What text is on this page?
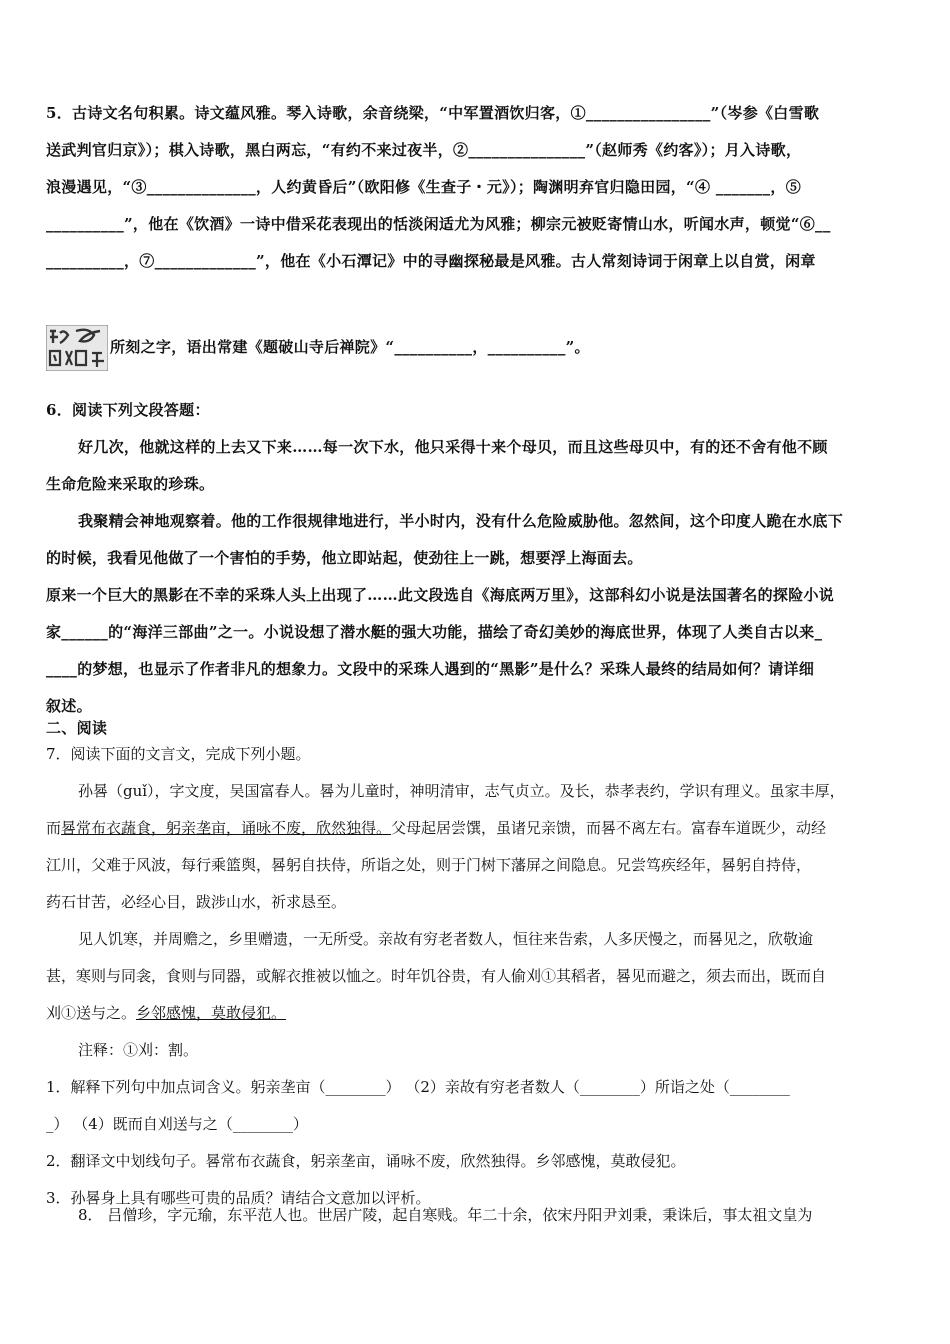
5．古诗文名句积累。诗文蕴风雅。琴入诗歌，余音绕梁，“中军置酒饮归客，①________________”（岑参《白雪歌
送武判官归京》）；棋入诗歌，黑白两忘，“有约不来过夜半，②_______________”（赵师秀《约客》）；月入诗歌，
浪漫遇见，“③______________，人约黄昏后”（欧阳修《生查子・元》）；陶渊明弃官归隐田园，“④ _______，⑤
__________”，他在《饮酒》一诗中借采花表现出的恬淡闲适尤为风雅；柳宗元被贬寄情山水，听闻水声，顿觉“⑥__
__________，⑦_____________”，他在《小石潭记》中的寻幽探秘最是风雅。古人常刻诗词于闲章上以自赏，闲章
所刻之字，语出常建《题破山寺后禅院》“__________，__________”。
6．阅读下列文段答题：
好几次，他就这样的上去又下来……每一次下水，他只采得十来个母贝，而且这些母贝中，有的还不舍有他不顾
生命危险来采取的珍珠。
我聚精会神地观察着。他的工作很规律地进行，半小时内，没有什么危险威胁他。忽然间，这个印度人跪在水底下
的时候，我看见他做了一个害怕的手势，他立即站起，使劲往上一跳，想要浮上海面去。
原来一个巨大的黑影在不幸的采珠人头上出现了……此文段选自《海底两万里》，这部科幻小说是法国著名的探险小说
家______的“海洋三部曲”之一。小说设想了潜水艇的强大功能，描绘了奇幻美妙的海底世界，体现了人类自古以来_
____的梦想，也显示了作者非凡的想象力。文段中的采珠人遇到的“黑影”是什么？采珠人最终的结局如何？请详细
叙述。
二、阅读
7．阅读下面的文言文，完成下列小题。
孙晷（guǐ），字文度，吴国富春人。晷为儿童时，神明清审，志气贞立。及长，恭孝表约，学识有理义。虽家丰厚，
而晷常布衣蔬食，躬亲垄亩，诵咏不废，欣然独得。父母起居尝馔，虽诸兄亲馈，而晷不离左右。富春车道既少，动经
江川，父难于风波，每行乘篮舆，晷躬自扶侍，所诣之处，则于门树下藩屏之间隐息。兄尝笃疾经年，晷躬自持侍，
药石甘苦，必经心目，跋涉山水，祈求恳至。
见人饥寒，并周赡之，乡里赠遗，一无所受。亲故有穷老者数人，恒往来告索，人多厌慢之，而晷见之，欣敬逾
甚，寒则与同衾，食则与同器，或解衣推被以恤之。时年饥谷贵，有人偷刈①其稻者，晷见而避之，须去而出，既而自
刈①送与之。乡邻感愧，莫敢侵犯。
注释：①刈：割。
1．解释下列句中加点词含义。躬亲垄亩（________） （2）亲故有穷老者数人（________）所诣之处（________
_） （4）既而自刈送与之（________）
2．翻译文中划线句子。晷常布衣蔬食，躬亲垄亩，诵咏不废，欣然独得。乡邻感愧，莫敢侵犯。
3．孙晷身上具有哪些可贵的品质？请结合文意加以评析。
8． 吕僧珍，字元瑜，东平范人也。世居广陵，起自寒贱。年二十余，依宋丹阳尹刘秉，秉诛后，事太祖文皇为
